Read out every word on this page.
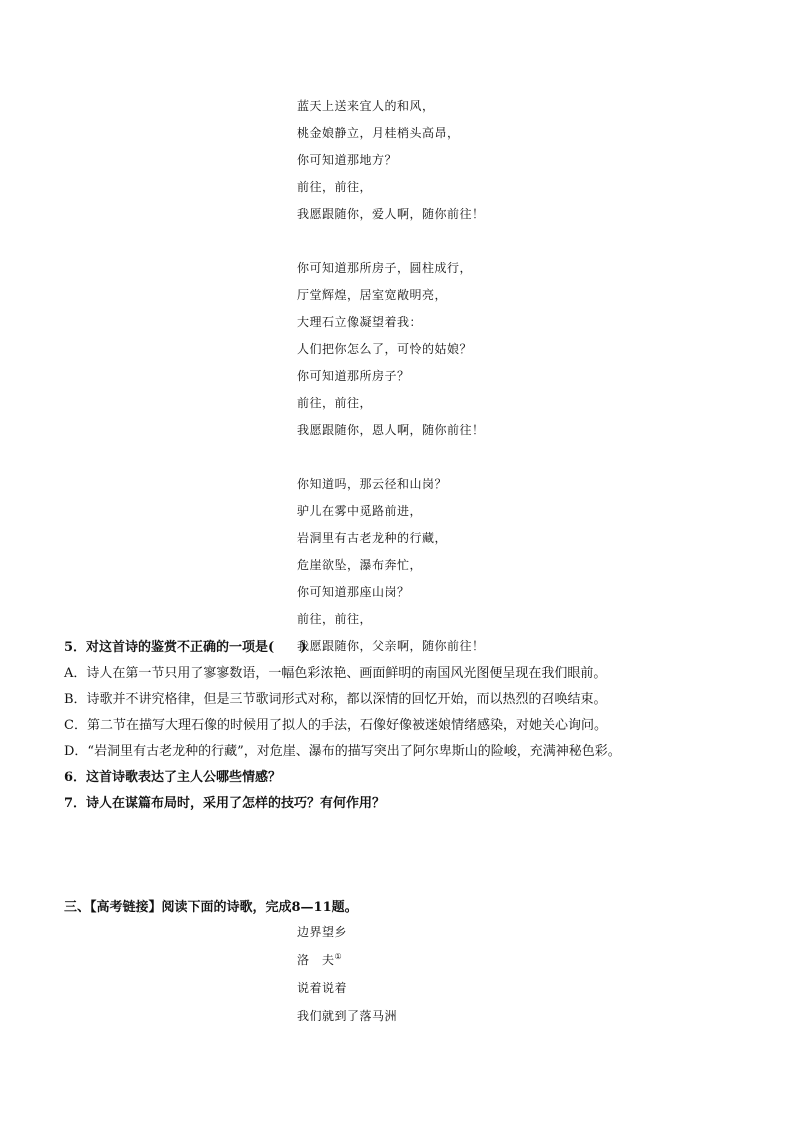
蓝天上送来宜人的和风，
桃金娘静立，月桂梢头高昂，
你可知道那地方？
前往，前往，
我愿跟随你，爱人啊，随你前往！
你可知道那所房子，圆柱成行，
厅堂辉煌，居室宽敞明亮，
大理石立像凝望着我：
人们把你怎么了，可怜的姑娘？
你可知道那所房子？
前往，前往，
我愿跟随你，恩人啊，随你前往！
你知道吗，那云径和山岗？
驴儿在雾中觅路前进，
岩洞里有古老龙种的行藏，
危崖欲坠，瀑布奔忙，
你可知道那座山岗？
前往，前往，
我愿跟随你，父亲啊，随你前往！
5．对这首诗的鉴赏不正确的一项是(　　)
A．诗人在第一节只用了寥寥数语，一幅色彩浓艳、画面鲜明的南国风光图便呈现在我们眼前。
B．诗歌并不讲究格律，但是三节歌词形式对称，都以深情的回忆开始，而以热烈的召唤结束。
C．第二节在描写大理石像的时候用了拟人的手法，石像好像被迷娘情绪感染，对她关心询问。
D．“岩洞里有古老龙种的行藏”，对危崖、瀑布的描写突出了阿尔卑斯山的险峻，充满神秘色彩。
6．这首诗歌表达了主人公哪些情感？
7．诗人在谋篇布局时，采用了怎样的技巧？有何作用？
三、【高考链接】阅读下面的诗歌，完成8—11题。
边界望乡
洛　夫①
说着说着
我们就到了落马洲
